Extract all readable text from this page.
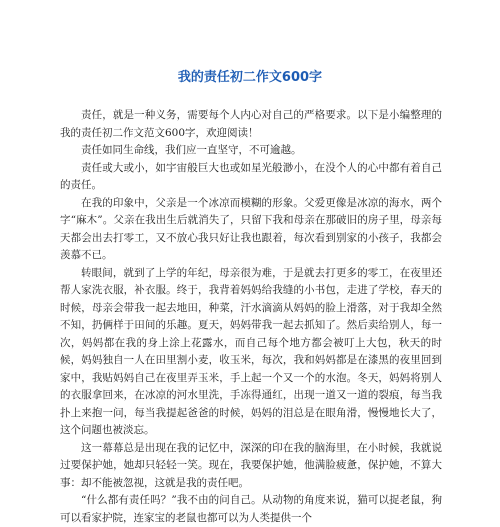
我的责任初二作文600字

责任，就是一种义务，需要每个人内心对自己的严格要求。以下是小编整理的我的责任初二作文范文600字，欢迎阅读！

责任如同生命线，我们应一直坚守，不可逾越。

责任或大或小，如宇宙般巨大也或如星光般渺小，在没个人的心中都有着自己的责任。

在我的印象中，父亲是一个冰凉而模糊的形象。父爱更像是冰凉的海水，两个字“麻木”。父亲在我出生后就消失了，只留下我和母亲在那破旧的房子里，母亲每天都会出去打零工，又不放心我只好让我也跟着，每次看到别家的小孩子，我都会羡慕不已。

转眼间，就到了上学的年纪，母亲很为难，于是就去打更多的零工，在夜里还帮人家洗衣服，补衣服。终于，我背着妈妈给我缝的小书包，走进了学校，春天的时候，母亲会带我一起去地田，种菜，汗水滴滴从妈妈的脸上滑落，对于我却全然不知，扔俩样于田间的乐趣。夏天，妈妈带我一起去抓知了。然后卖给别人，每一次，妈妈都在我的身上涂上花露水，而自己每个地方都会被叮上大包，秋天的时候，妈妈独自一人在田里割小麦，收玉米，每次，我和妈妈都是在漆黑的夜里回到家中，我贴妈妈自己在夜里弄玉米，手上起一个又一个的水泡。冬天，妈妈将别人的衣服拿回来，在冰凉的河水里洗，手冻得通红，出现一道又一道的裂痕，每当我扑上来抱一问，每当我提起爸爸的时候，妈妈的泪总是在眼角滑，慢慢地长大了，这个问题也被淡忘。

这一幕幕总是出现在我的记忆中，深深的印在我的脑海里，在小时候，我就说过要保护她，她却只轻轻一笑。现在，我要保护她，他满脸疲惫，保护她，不算大事：却不能被忽视，这就是我的责任吧。

“什么都有责任吗？”我不由的问自己。从动物的角度来说，猫可以捉老鼠，狗可以看家护院，连家宝的老鼠也都可以为人类提供一个
